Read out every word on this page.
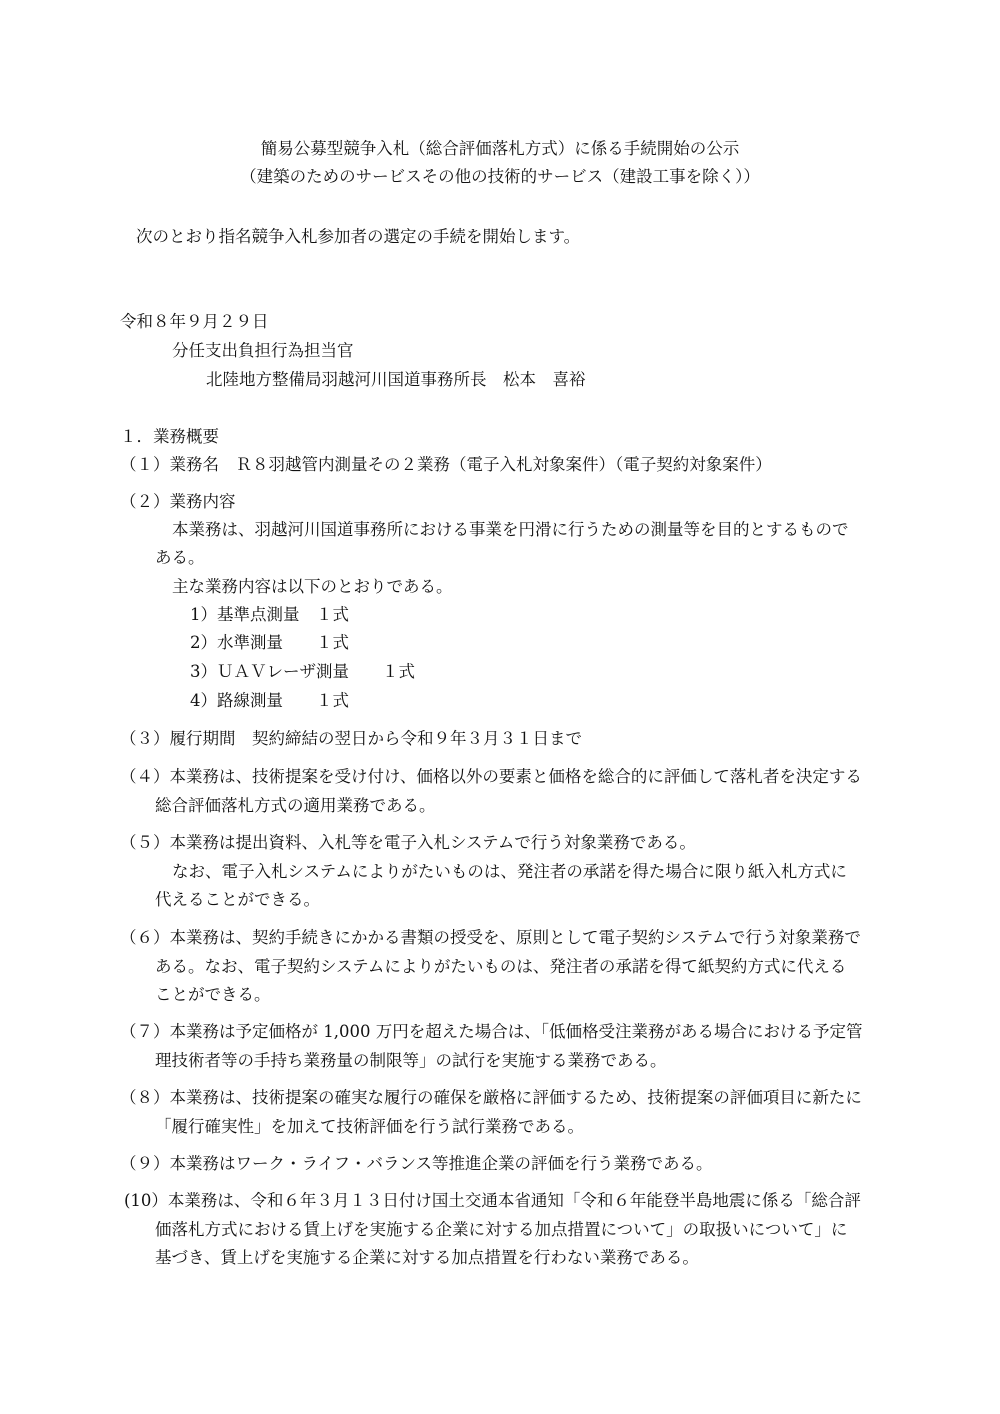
簡易公募型競争入札（総合評価落札方式）に係る手続開始の公示
（建築のためのサービスその他の技術的サービス（建設工事を除く））
次のとおり指名競争入札参加者の選定の手続を開始します。
令和８年９月２９日
分任支出負担行為担当官
北陸地方整備局羽越河川国道事務所長　松本　喜裕
１．業務概要
（１）業務名　Ｒ８羽越管内測量その２業務（電子入札対象案件）（電子契約対象案件）
（２）業務内容
本業務は、羽越河川国道事務所における事業を円滑に行うための測量等を目的とするもので
ある。
主な業務内容は以下のとおりである。
1）基準点測量　１式
2）水準測量　　１式
3）ＵＡＶレーザ測量　　１式
4）路線測量　　１式
（３）履行期間　契約締結の翌日から令和９年３月３１日まで
（４）本業務は、技術提案を受け付け、価格以外の要素と価格を総合的に評価して落札者を決定する
総合評価落札方式の適用業務である。
（５）本業務は提出資料、入札等を電子入札システムで行う対象業務である。
なお、電子入札システムによりがたいものは、発注者の承諾を得た場合に限り紙入札方式に
代えることができる。
（６）本業務は、契約手続きにかかる書類の授受を、原則として電子契約システムで行う対象業務で
ある。なお、電子契約システムによりがたいものは、発注者の承諾を得て紙契約方式に代える
ことができる。
（７）本業務は予定価格が 1,000 万円を超えた場合は、「低価格受注業務がある場合における予定管
理技術者等の手持ち業務量の制限等」の試行を実施する業務である。
（８）本業務は、技術提案の確実な履行の確保を厳格に評価するため、技術提案の評価項目に新たに
「履行確実性」を加えて技術評価を行う試行業務である。
（９）本業務はワーク・ライフ・バランス等推進企業の評価を行う業務である。
(10）本業務は、令和６年３月１３日付け国土交通本省通知「令和６年能登半島地震に係る「総合評
価落札方式における賃上げを実施する企業に対する加点措置について」の取扱いについて」に
基づき、賃上げを実施する企業に対する加点措置を行わない業務である。
